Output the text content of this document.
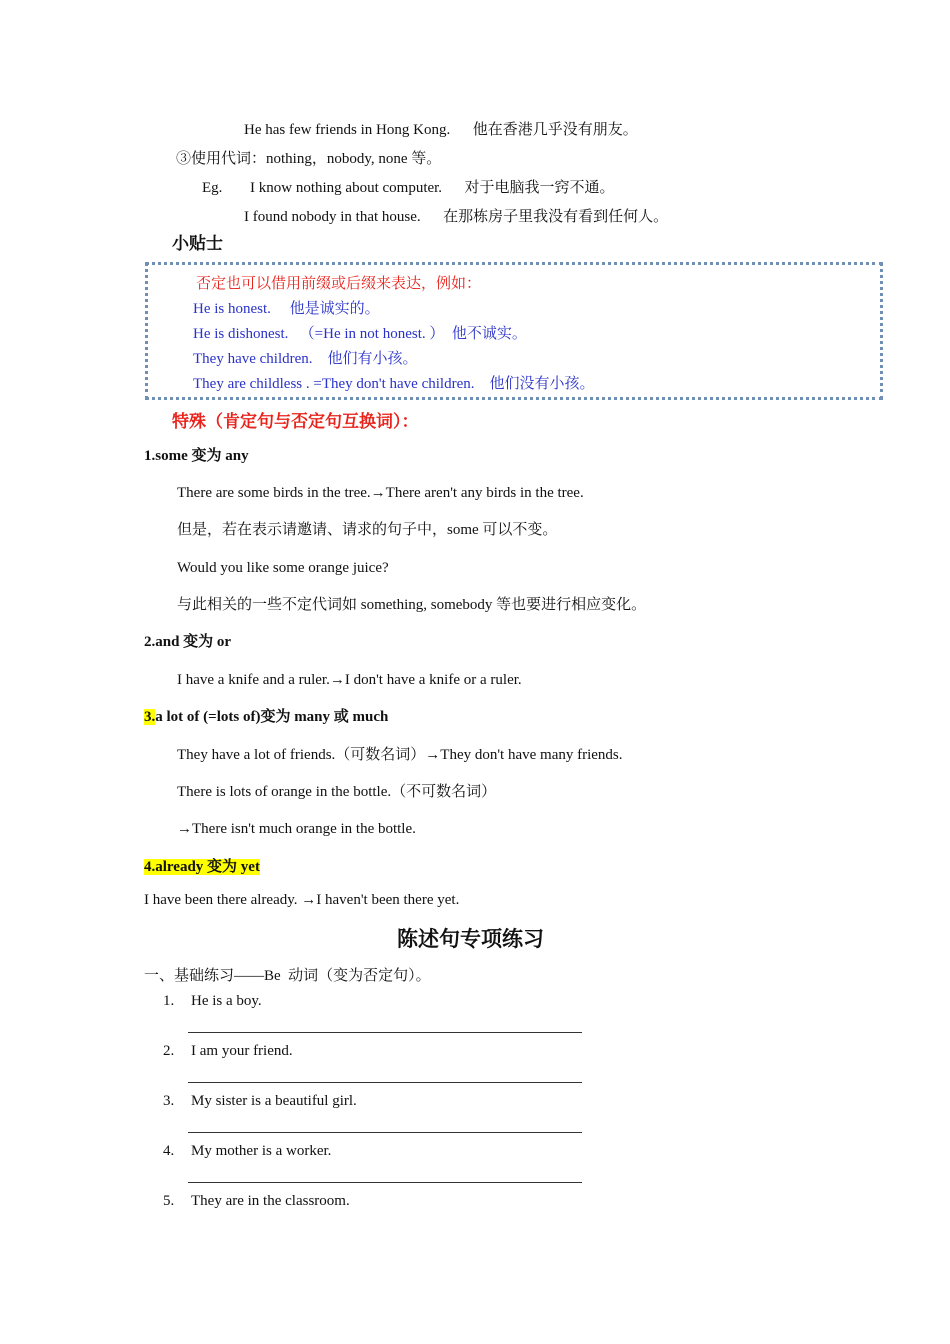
He has few friends in Hong Kong.      他在香港几乎没有朋友。
③使用代词：nothing，nobody, none 等。
Eg. I know nothing about computer.      对于电脑我一窍不通。
I found nobody in that house.      在那栋房子里我没有看到任何人。
小贴士
否定也可以借用前缀或后缀来表达，例如：
He is honest.     他是诚实的。
He is dishonest.   （=He in not honest. ）  他不诚实。
They have children.    他们有小孩。
They are childless . =They don't have children.    他们没有小孩。
特殊（肯定句与否定句互换词）：
1.some 变为 any
There are some birds in the tree.→There aren't any birds in the tree.
但是，若在表示请邀请、请求的句子中，some 可以不变。
Would you like some orange juice?
与此相关的一些不定代词如 something, somebody 等也要进行相应变化。
2.and 变为 or
I have a knife and a ruler.→I don't have a knife or a ruler.
3.a lot of (=lots of)变为 many 或 much
They have a lot of friends.（可数名词）→They don't have many friends.
There is lots of orange in the bottle.（不可数名词）
→There isn't much orange in the bottle.
4.already 变为 yet
I have been there already. →I haven't been there yet.
陈述句专项练习
一、基础练习——Be  动词（变为否定句）。
1. He is a boy.
2. I am your friend.
3. My sister is a beautiful girl.
4. My mother is a worker.
5. They are in the classroom.
